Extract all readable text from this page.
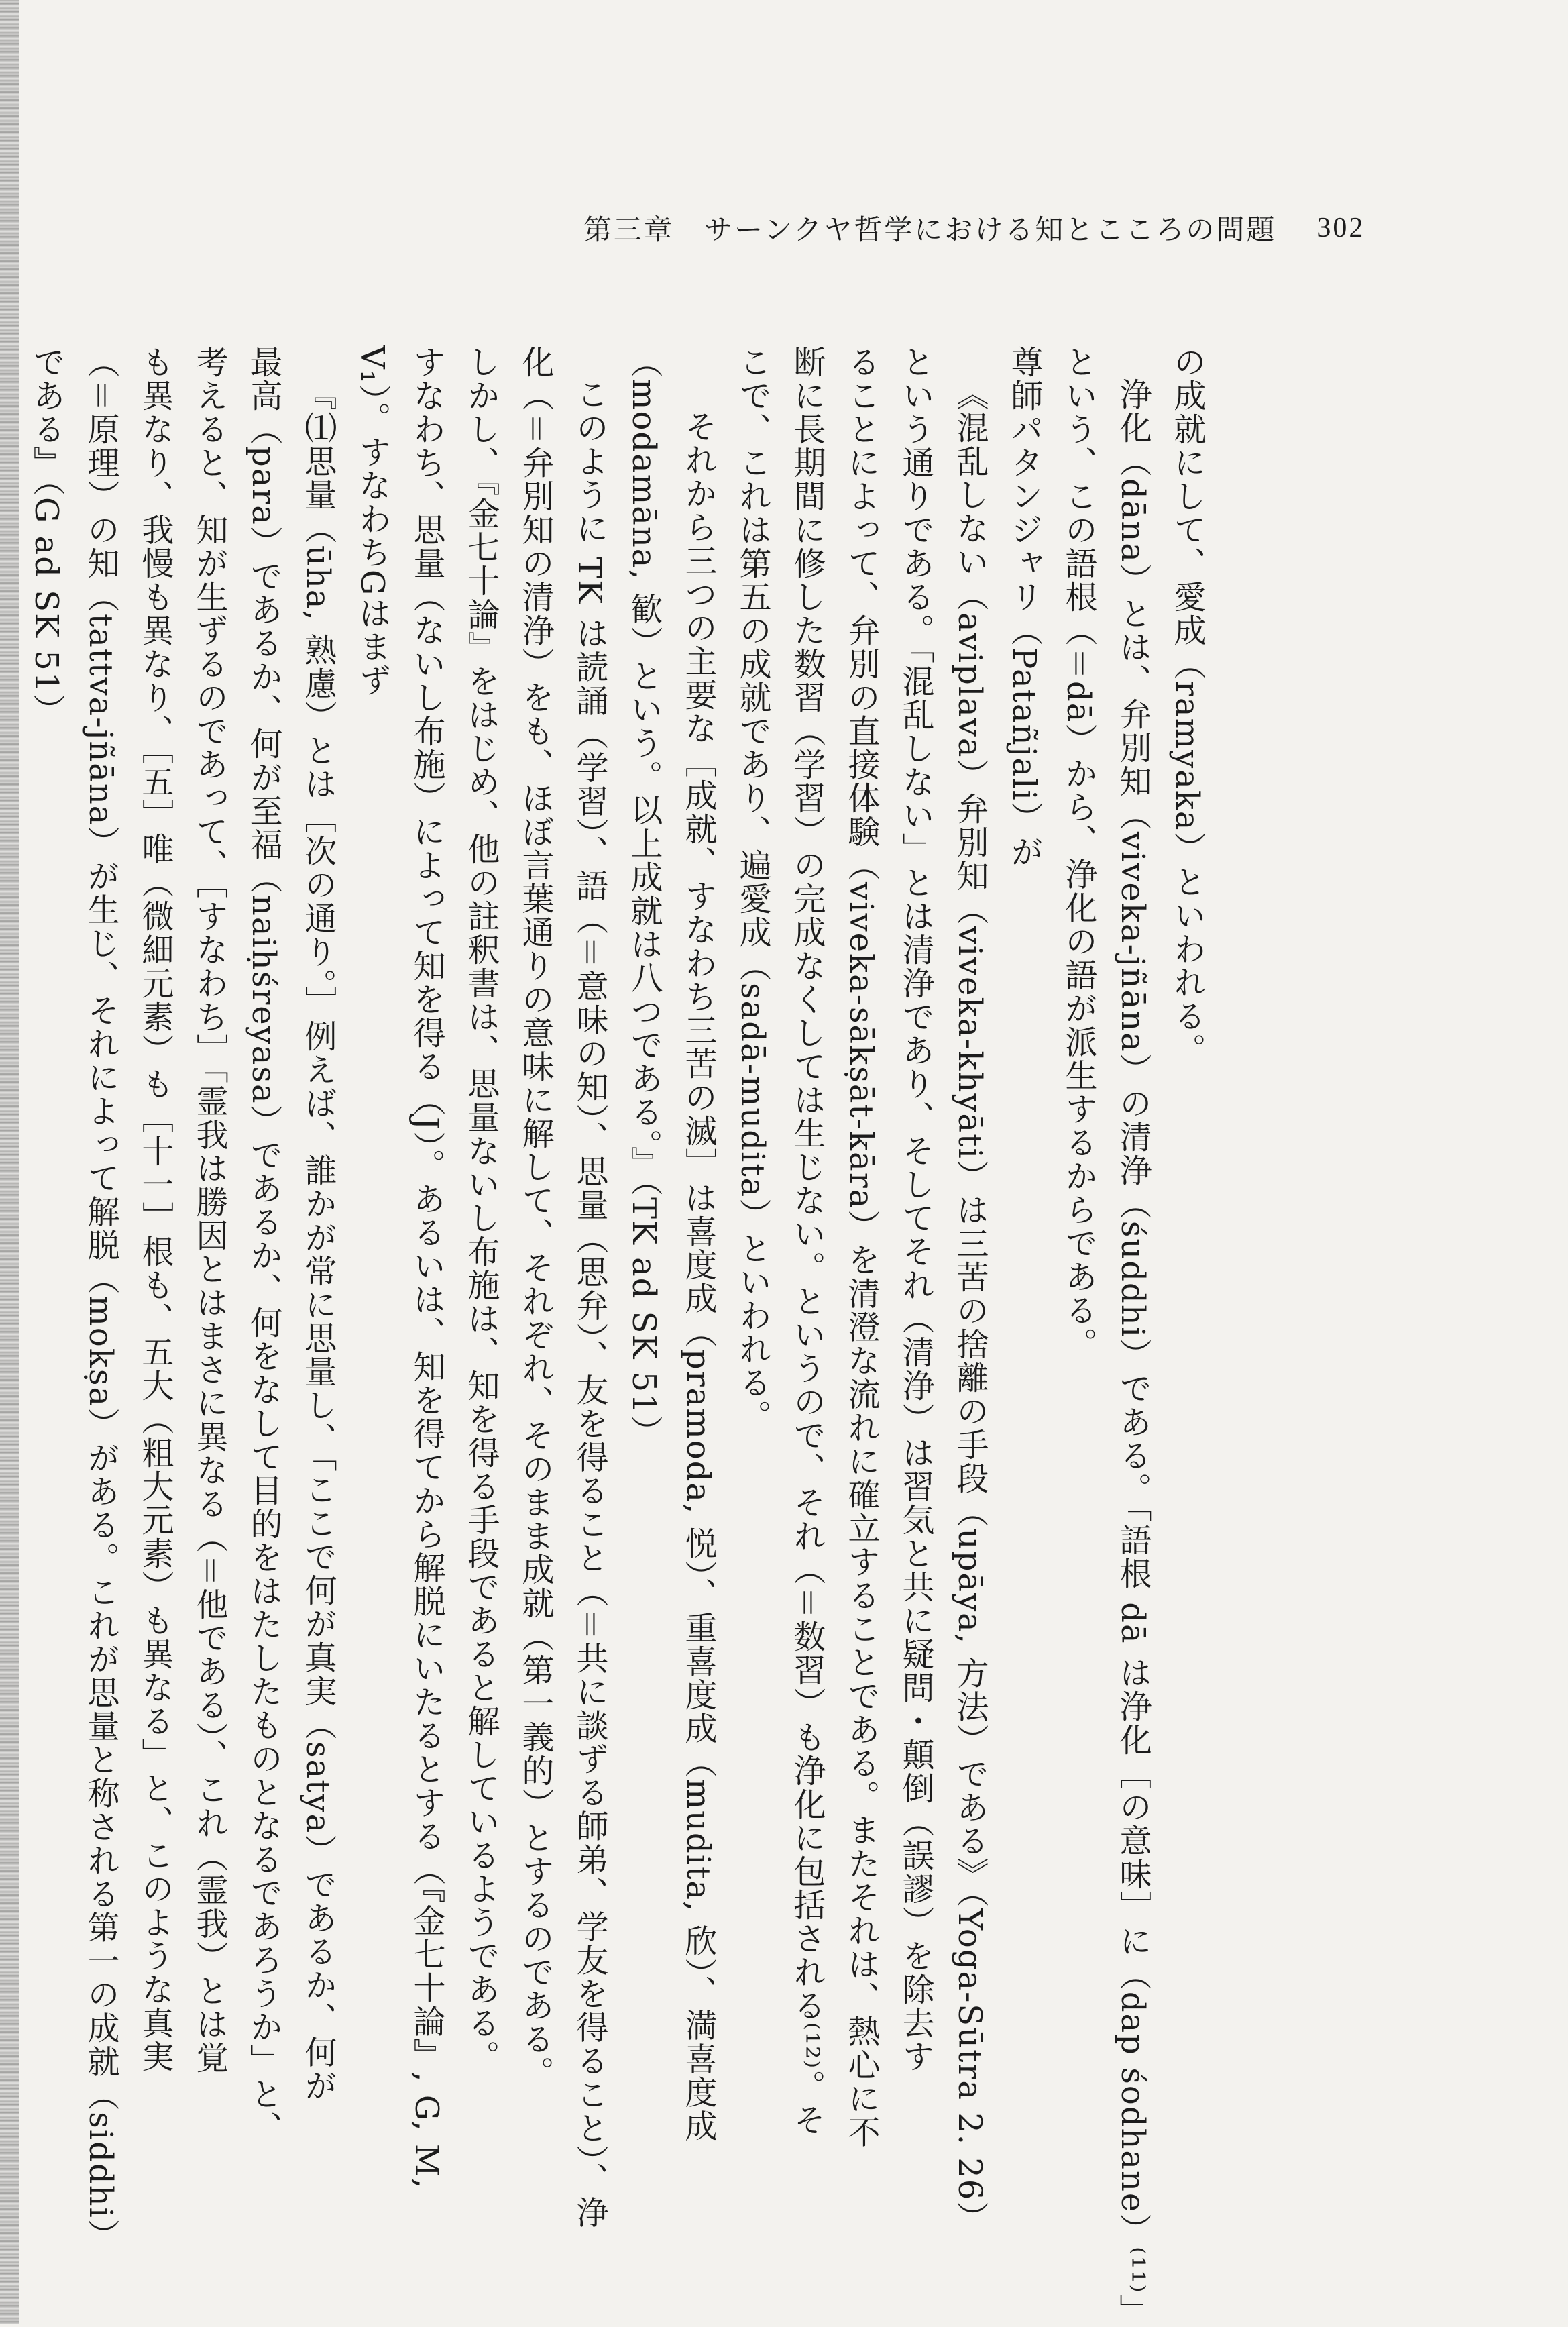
第三章　サーンクヤ哲学における知とこころの問題 302
の成就にして、愛成（ramyaka）といわれる。
浄化（dāna）とは、弁別知（viveka-jñāna）の清浄（śuddhi）である。「語根 dā は浄化［の意味］に（dap śodhane）⁽¹¹⁾」
という、この語根（＝dā）から、浄化の語が派生するからである。
尊師パタンジャリ（Patañjali）が
《混乱しない（aviplava）弁別知（viveka-khyāti）は三苦の捨離の手段（upāya, 方法）である》（Yoga-Sūtra 2. 26）
という通りである。「混乱しない」とは清浄であり、そしてそれ（清浄）は習気と共に疑問・顛倒（誤謬）を除去す
ることによって、弁別の直接体験（viveka-sākṣāt-kāra）を清澄な流れに確立することである。またそれは、熱心に不
断に長期間に修した数習（学習）の完成なくしては生じない。というので、それ（＝数習）も浄化に包括される⁽¹²⁾。そ
こで、これは第五の成就であり、遍愛成（sadā-mudita）といわれる。
それから三つの主要な［成就、すなわち三苦の滅］は喜度成（pramoda, 悦）、重喜度成（mudita, 欣）、満喜度成
（modamāna, 歓）という。以上成就は八つである。』（TK ad SK 51）
このように TK は読誦（学習）、語（＝意味の知）、思量（思弁）、友を得ること（＝共に談ずる師弟、学友を得ること）、浄
化（＝弁別知の清浄）をも、ほぼ言葉通りの意味に解して、それぞれ、そのまま成就（第一義的）とするのである。
しかし、『金七十論』をはじめ、他の註釈書は、思量ないし布施は、知を得る手段であると解しているようである。
すなわち、思量（ないし布施）によって知を得る（J）。あるいは、知を得てから解脱にいたるとする（『金七十論』, G, M,
V₁）。すなわちGはまず
『⑴思量（ūha, 熟慮）とは［次の通り。］例えば、誰かが常に思量し、「ここで何が真実（satya）であるか、何が
最高（para）であるか、何が至福（naiḥśreyasa）であるか、何をなして目的をはたしたものとなるであろうか」と、
考えると、知が生ずるのであって、［すなわち］「霊我は勝因とはまさに異なる（＝他である）、これ（霊我）とは覚
も異なり、我慢も異なり、［五］唯（微細元素）も［十一］根も、五大（粗大元素）も異なる」と、このような真実
（＝原理）の知（tattva-jñāna）が生じ、それによって解脱（mokṣa）がある。これが思量と称される第一の成就（siddhi）
である』（G ad SK 51）
